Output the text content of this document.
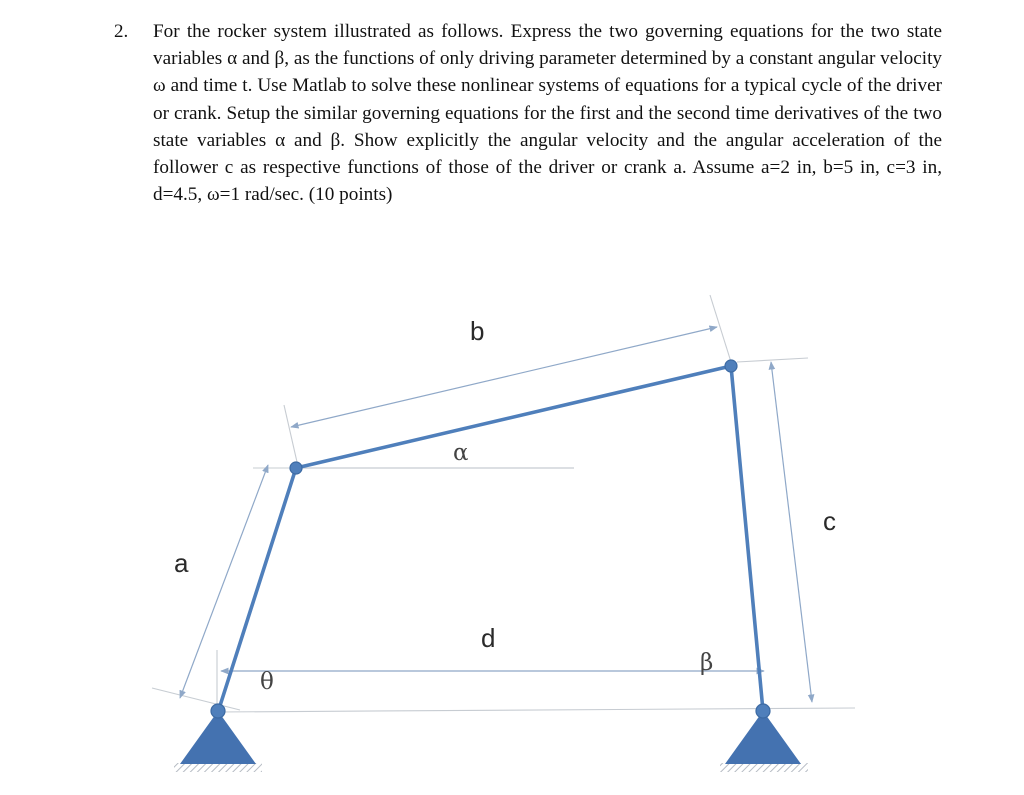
2. For the rocker system illustrated as follows. Express the two governing equations for the two state variables α and β, as the functions of only driving parameter determined by a constant angular velocity ω and time t. Use Matlab to solve these nonlinear systems of equations for a typical cycle of the driver or crank. Setup the similar governing equations for the first and the second time derivatives of the two state variables α and β. Show explicitly the angular velocity and the angular acceleration of the follower c as respective functions of those of the driver or crank a. Assume a=2 in, b=5 in, c=3 in, d=4.5, ω=1 rad/sec. (10 points)

a
b
c
d
θ
α
β
